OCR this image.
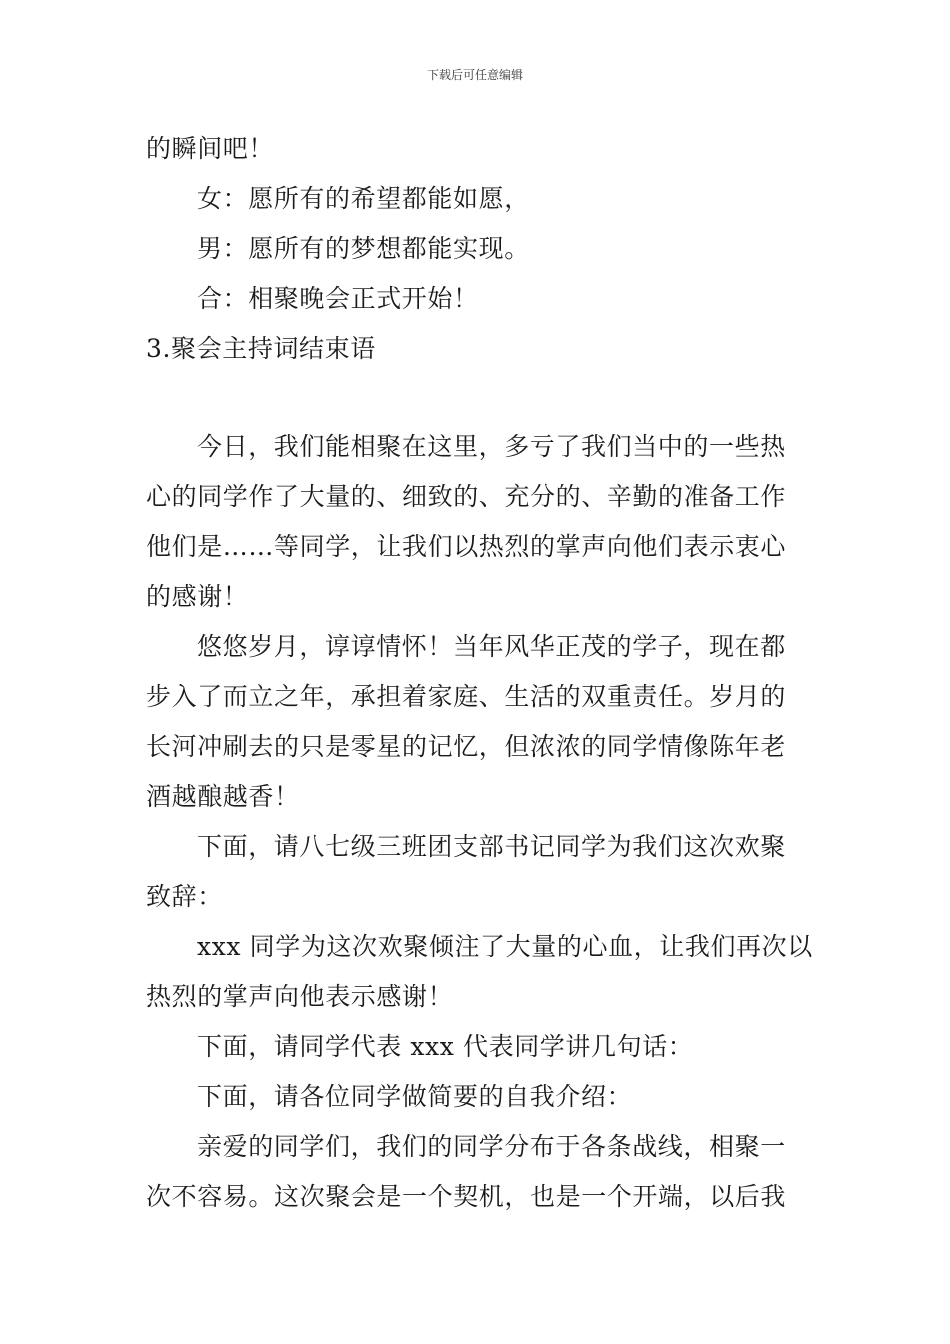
下载后可任意编辑
的瞬间吧！
女：愿所有的希望都能如愿，
男：愿所有的梦想都能实现。
合：相聚晚会正式开始！
3.聚会主持词结束语
今日，我们能相聚在这里，多亏了我们当中的一些热
心的同学作了大量的、细致的、充分的、辛勤的准备工作
他们是……等同学，让我们以热烈的掌声向他们表示衷心
的感谢！
悠悠岁月，谆谆情怀！当年风华正茂的学子，现在都
步入了而立之年，承担着家庭、生活的双重责任。岁月的
长河冲刷去的只是零星的记忆，但浓浓的同学情像陈年老
酒越酿越香！
下面，请八七级三班团支部书记同学为我们这次欢聚
致辞：
xxx 同学为这次欢聚倾注了大量的心血，让我们再次以
热烈的掌声向他表示感谢！
下面，请同学代表 xxx 代表同学讲几句话：
下面，请各位同学做简要的自我介绍：
亲爱的同学们，我们的同学分布于各条战线，相聚一
次不容易。这次聚会是一个契机，也是一个开端，以后我
